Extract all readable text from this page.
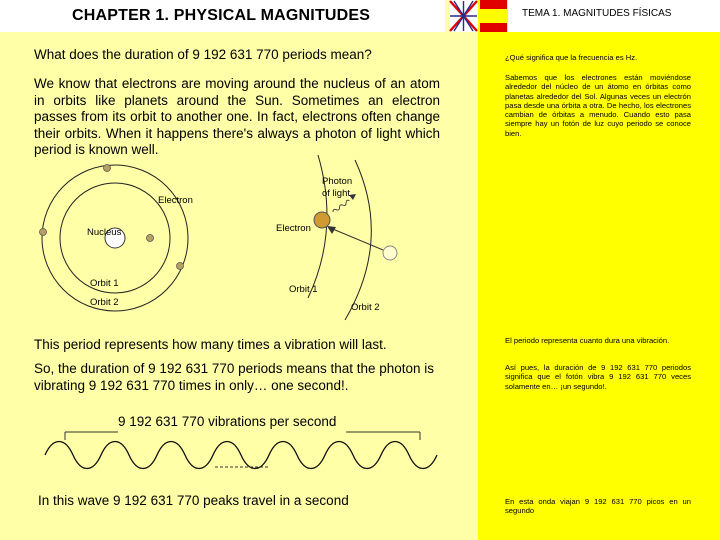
CHAPTER 1. PHYSICAL MAGNITUDES	TEMA 1. MAGNITUDES FÍSICAS
What does the duration of 9 192 631 770 periods mean?
We know that electrons are moving around the nucleus of an atom in orbits like planets around the Sun. Sometimes an electron passes from its orbit to another one. In fact, electrons often change their orbits. When it happens there's always a photon of light which period is known well.
¿Qué significa que la frecuencia es Hz.
Sabemos que los electrones están moviéndose alrededor del núcleo de un átomo en órbitas como planetas alrededor del Sol. Algunas veces un electrón pasa desde una órbita a otra. De hecho, los electrones cambian de órbitas a menudo. Cuando esto pasa siempre hay un fotón de luz cuyo periodo se conoce bien.
Electron
Nucleus
Orbit 1
Orbit 2
Photon
of light
Electron
Orbit 1
Orbit 2
This period represents how many times a vibration will last.
So, the duration of 9 192 631 770 periods means that the photon is vibrating 9 192 631 770 times in only… one second!.
El periodo representa cuanto dura una vibración.
Así pues, la duración de 9 192 631 770 periodos significa que el fotón vibra 9 192 631 770 veces solamente en… ¡un segundo!.
9 192 631 770 vibrations per second
In this wave 9 192 631 770 peaks travel in a second	En esta onda viajan 9 192 631 770 picos en un segundo
